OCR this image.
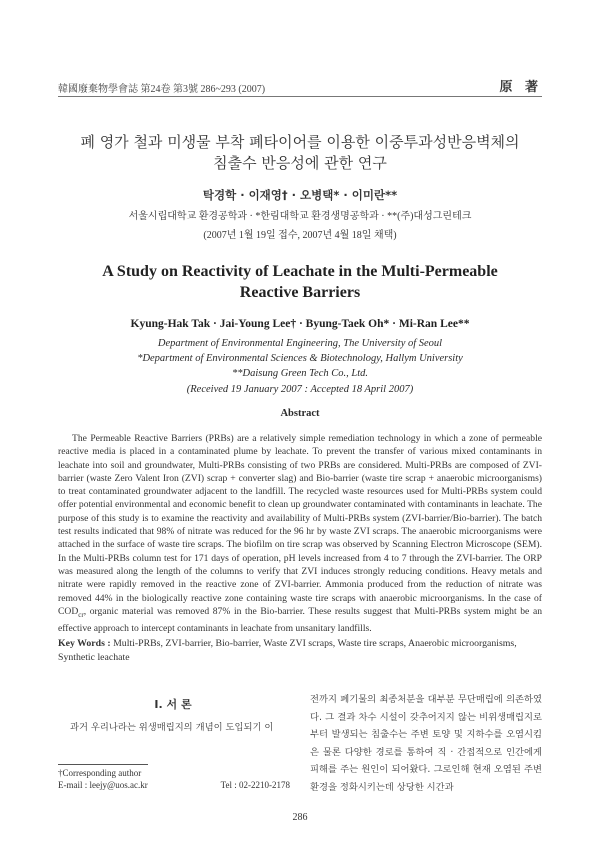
韓國廢棄物學會誌 第24卷 第3號 286~293 (2007)	原 著
폐 영가 철과 미생물 부착 폐타이어를 이용한 이중투과성반응벽체의
침출수 반응성에 관한 연구
탁경학 · 이재영† · 오병택* · 이미란**
서울시립대학교 환경공학과 · *한림대학교 환경생명공학과 · **(주)대성그린테크
(2007년 1월 19일 접수, 2007년 4월 18일 채택)
A Study on Reactivity of Leachate in the Multi-Permeable
Reactive Barriers
Kyung-Hak Tak · Jai-Young Lee† · Byung-Taek Oh* · Mi-Ran Lee**
Department of Environmental Engineering, The University of Seoul
*Department of Environmental Sciences & Biotechnology, Hallym University
**Daisung Green Tech Co., Ltd.
(Received 19 January 2007 : Accepted 18 April 2007)
Abstract

The Permeable Reactive Barriers (PRBs) are a relatively simple remediation technology in which a zone of permeable reactive media is placed in a contaminated plume by leachate. To prevent the transfer of various mixed contaminants in leachate into soil and groundwater, Multi-PRBs consisting of two PRBs are considered. Multi-PRBs are composed of ZVI-barrier (waste Zero Valent Iron (ZVI) scrap + converter slag) and Bio-barrier (waste tire scrap + anaerobic microorganisms) to treat contaminated groundwater adjacent to the landfill. The recycled waste resources used for Multi-PRBs system could offer potential environmental and economic benefit to clean up groundwater contaminated with contaminants in leachate. The purpose of this study is to examine the reactivity and availability of Multi-PRBs system (ZVI-barrier/Bio-barrier). The batch test results indicated that 98% of nitrate was reduced for the 96 hr by waste ZVI scraps. The anaerobic microorganisms were attached in the surface of waste tire scraps. The biofilm on tire scrap was observed by Scanning Electron Microscope (SEM). In the Multi-PRBs column test for 171 days of operation, pH levels increased from 4 to 7 through the ZVI-barrier. The ORP was measured along the length of the columns to verify that ZVI induces strongly reducing conditions. Heavy metals and nitrate were rapidly removed in the reactive zone of ZVI-barrier. Ammonia produced from the reduction of nitrate was removed 44% in the biologically reactive zone containing waste tire scraps with anaerobic microorganisms. In the case of $COD_{cr}$, organic material was removed 87% in the Bio-barrier. These results suggest that Multi-PRBs system might be an effective approach to intercept contaminants in leachate from unsanitary landfills.

Key Words : Multi-PRBs, ZVI-barrier, Bio-barrier, Waste ZVI scraps, Waste tire scraps, Anaerobic microorganisms, Synthetic leachate
I. 서 론
과거 우리나라는 위생매립지의 개념이 도입되기 이
전까지 폐기물의 최종처분을 대부분 무단매립에 의존하였다. 그 결과 차수 시설이 갖추어지지 않는 비위생매립지로부터 발생되는 침출수는 주변 토양 및 지하수를 오염시킴은 물론 다양한 경로를 통하여 직 · 간접적으로 인간에게 피해를 주는 원인이 되어왔다. 그로인해 현재 오염된 주변 환경을 정화시키는데 상당한 시간과
†Corresponding author
E-mail : leejy@uos.ac.kr	Tel : 02-2210-2178
286
